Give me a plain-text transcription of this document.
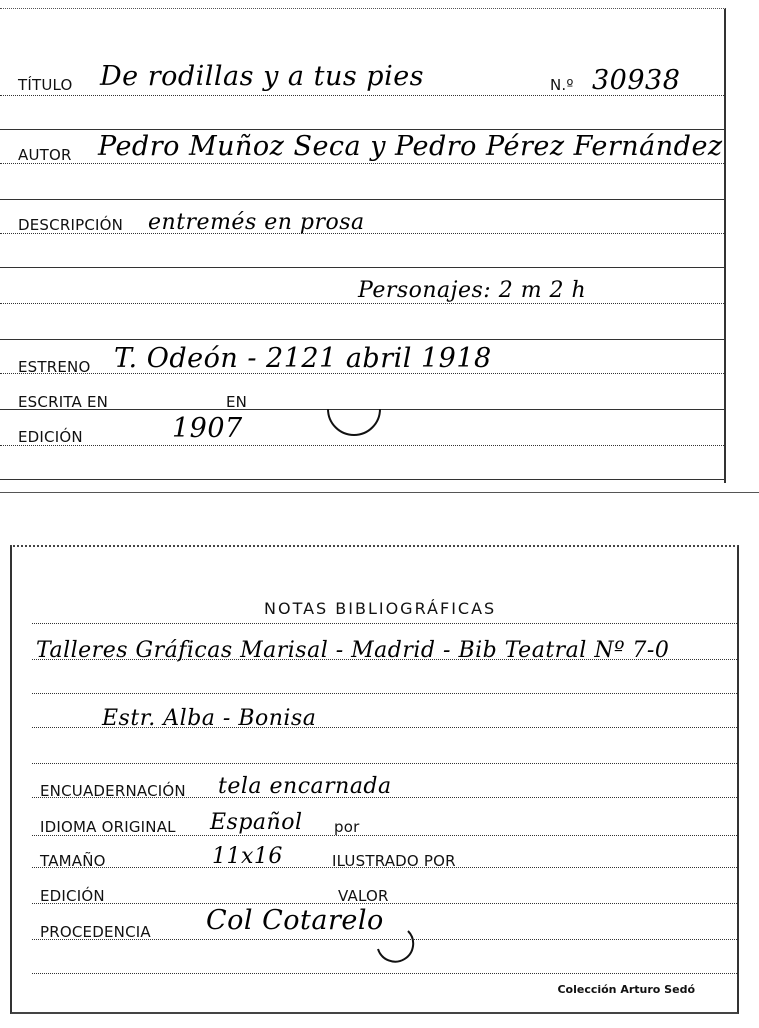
TÍTULO De rodillas y a tus pies	N.º 30938
AUTOR Pedro Muñoz Seca y Pedro Pérez Fernández
DESCRIPCIÓN entremés en prosa
Personajes: 2 m 2 h
ESTRENO T. Odeón - 2121 abril 1918
ESCRITA EN	EN
EDICIÓN	1907
NOTAS BIBLIOGRÁFICAS
Talleres Gráficas Marisal - Madrid - Bib Teatral Nº 7-0
Estr. Alba - Bonisa
ENCUADERNACIÓN tela encarnada
IDIOMA ORIGINAL Español por
TAMAÑO	11x16	ILUSTRADO POR
EDICIÓN	VALOR
PROCEDENCIA Col Cotarelo
Colección Arturo Sedó
